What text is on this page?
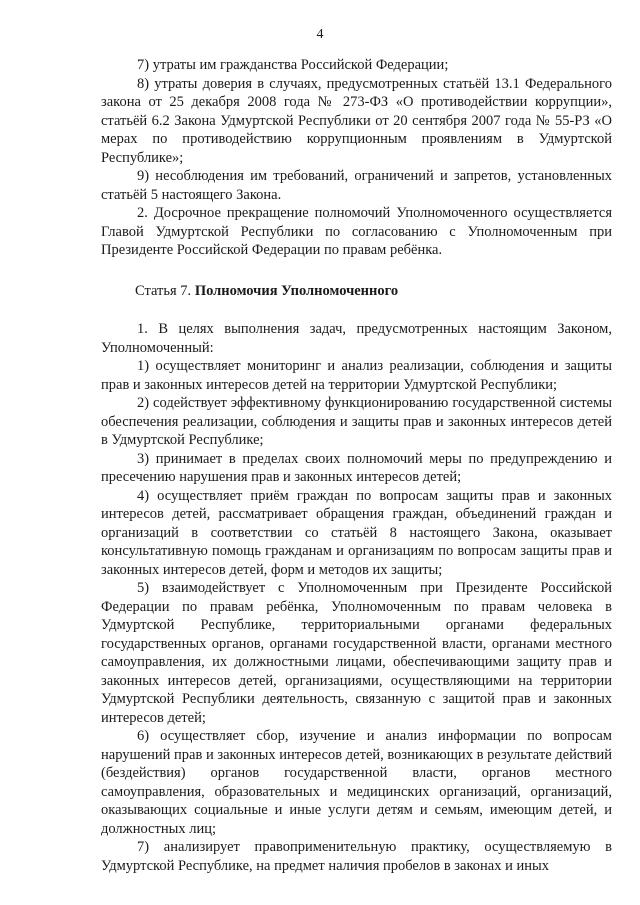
4

7) утраты им гражданства Российской Федерации;

8) утраты доверия в случаях, предусмотренных статьёй 13.1 Федерального закона от 25 декабря 2008 года № 273-ФЗ «О противодействии коррупции», статьёй 6.2 Закона Удмуртской Республики от 20 сентября 2007 года № 55-РЗ «О мерах по противодействию коррупционным проявлениям в Удмуртской Республике»;

9) несоблюдения им требований, ограничений и запретов, установленных статьёй 5 настоящего Закона.

2. Досрочное прекращение полномочий Уполномоченного осуществляется Главой Удмуртской Республики по согласованию с Уполномоченным при Президенте Российской Федерации по правам ребёнка.

Статья 7. Полномочия Уполномоченного

1. В целях выполнения задач, предусмотренных настоящим Законом, Уполномоченный:

1) осуществляет мониторинг и анализ реализации, соблюдения и защиты прав и законных интересов детей на территории Удмуртской Республики;

2) содействует эффективному функционированию государственной системы обеспечения реализации, соблюдения и защиты прав и законных интересов детей в Удмуртской Республике;

3) принимает в пределах своих полномочий меры по предупреждению и пресечению нарушения прав и законных интересов детей;

4) осуществляет приём граждан по вопросам защиты прав и законных интересов детей, рассматривает обращения граждан, объединений граждан и организаций в соответствии со статьёй 8 настоящего Закона, оказывает консультативную помощь гражданам и организациям по вопросам защиты прав и законных интересов детей, форм и методов их защиты;

5) взаимодействует с Уполномоченным при Президенте Российской Федерации по правам ребёнка, Уполномоченным по правам человека в Удмуртской Республике, территориальными органами федеральных государственных органов, органами государственной власти, органами местного самоуправления, их должностными лицами, обеспечивающими защиту прав и законных интересов детей, организациями, осуществляющими на территории Удмуртской Республики деятельность, связанную с защитой прав и законных интересов детей;

6) осуществляет сбор, изучение и анализ информации по вопросам нарушений прав и законных интересов детей, возникающих в результате действий (бездействия) органов государственной власти, органов местного самоуправления, образовательных и медицинских организаций, организаций, оказывающих социальные и иные услуги детям и семьям, имеющим детей, и должностных лиц;

7) анализирует правоприменительную практику, осуществляемую в Удмуртской Республике, на предмет наличия пробелов в законах и иных
